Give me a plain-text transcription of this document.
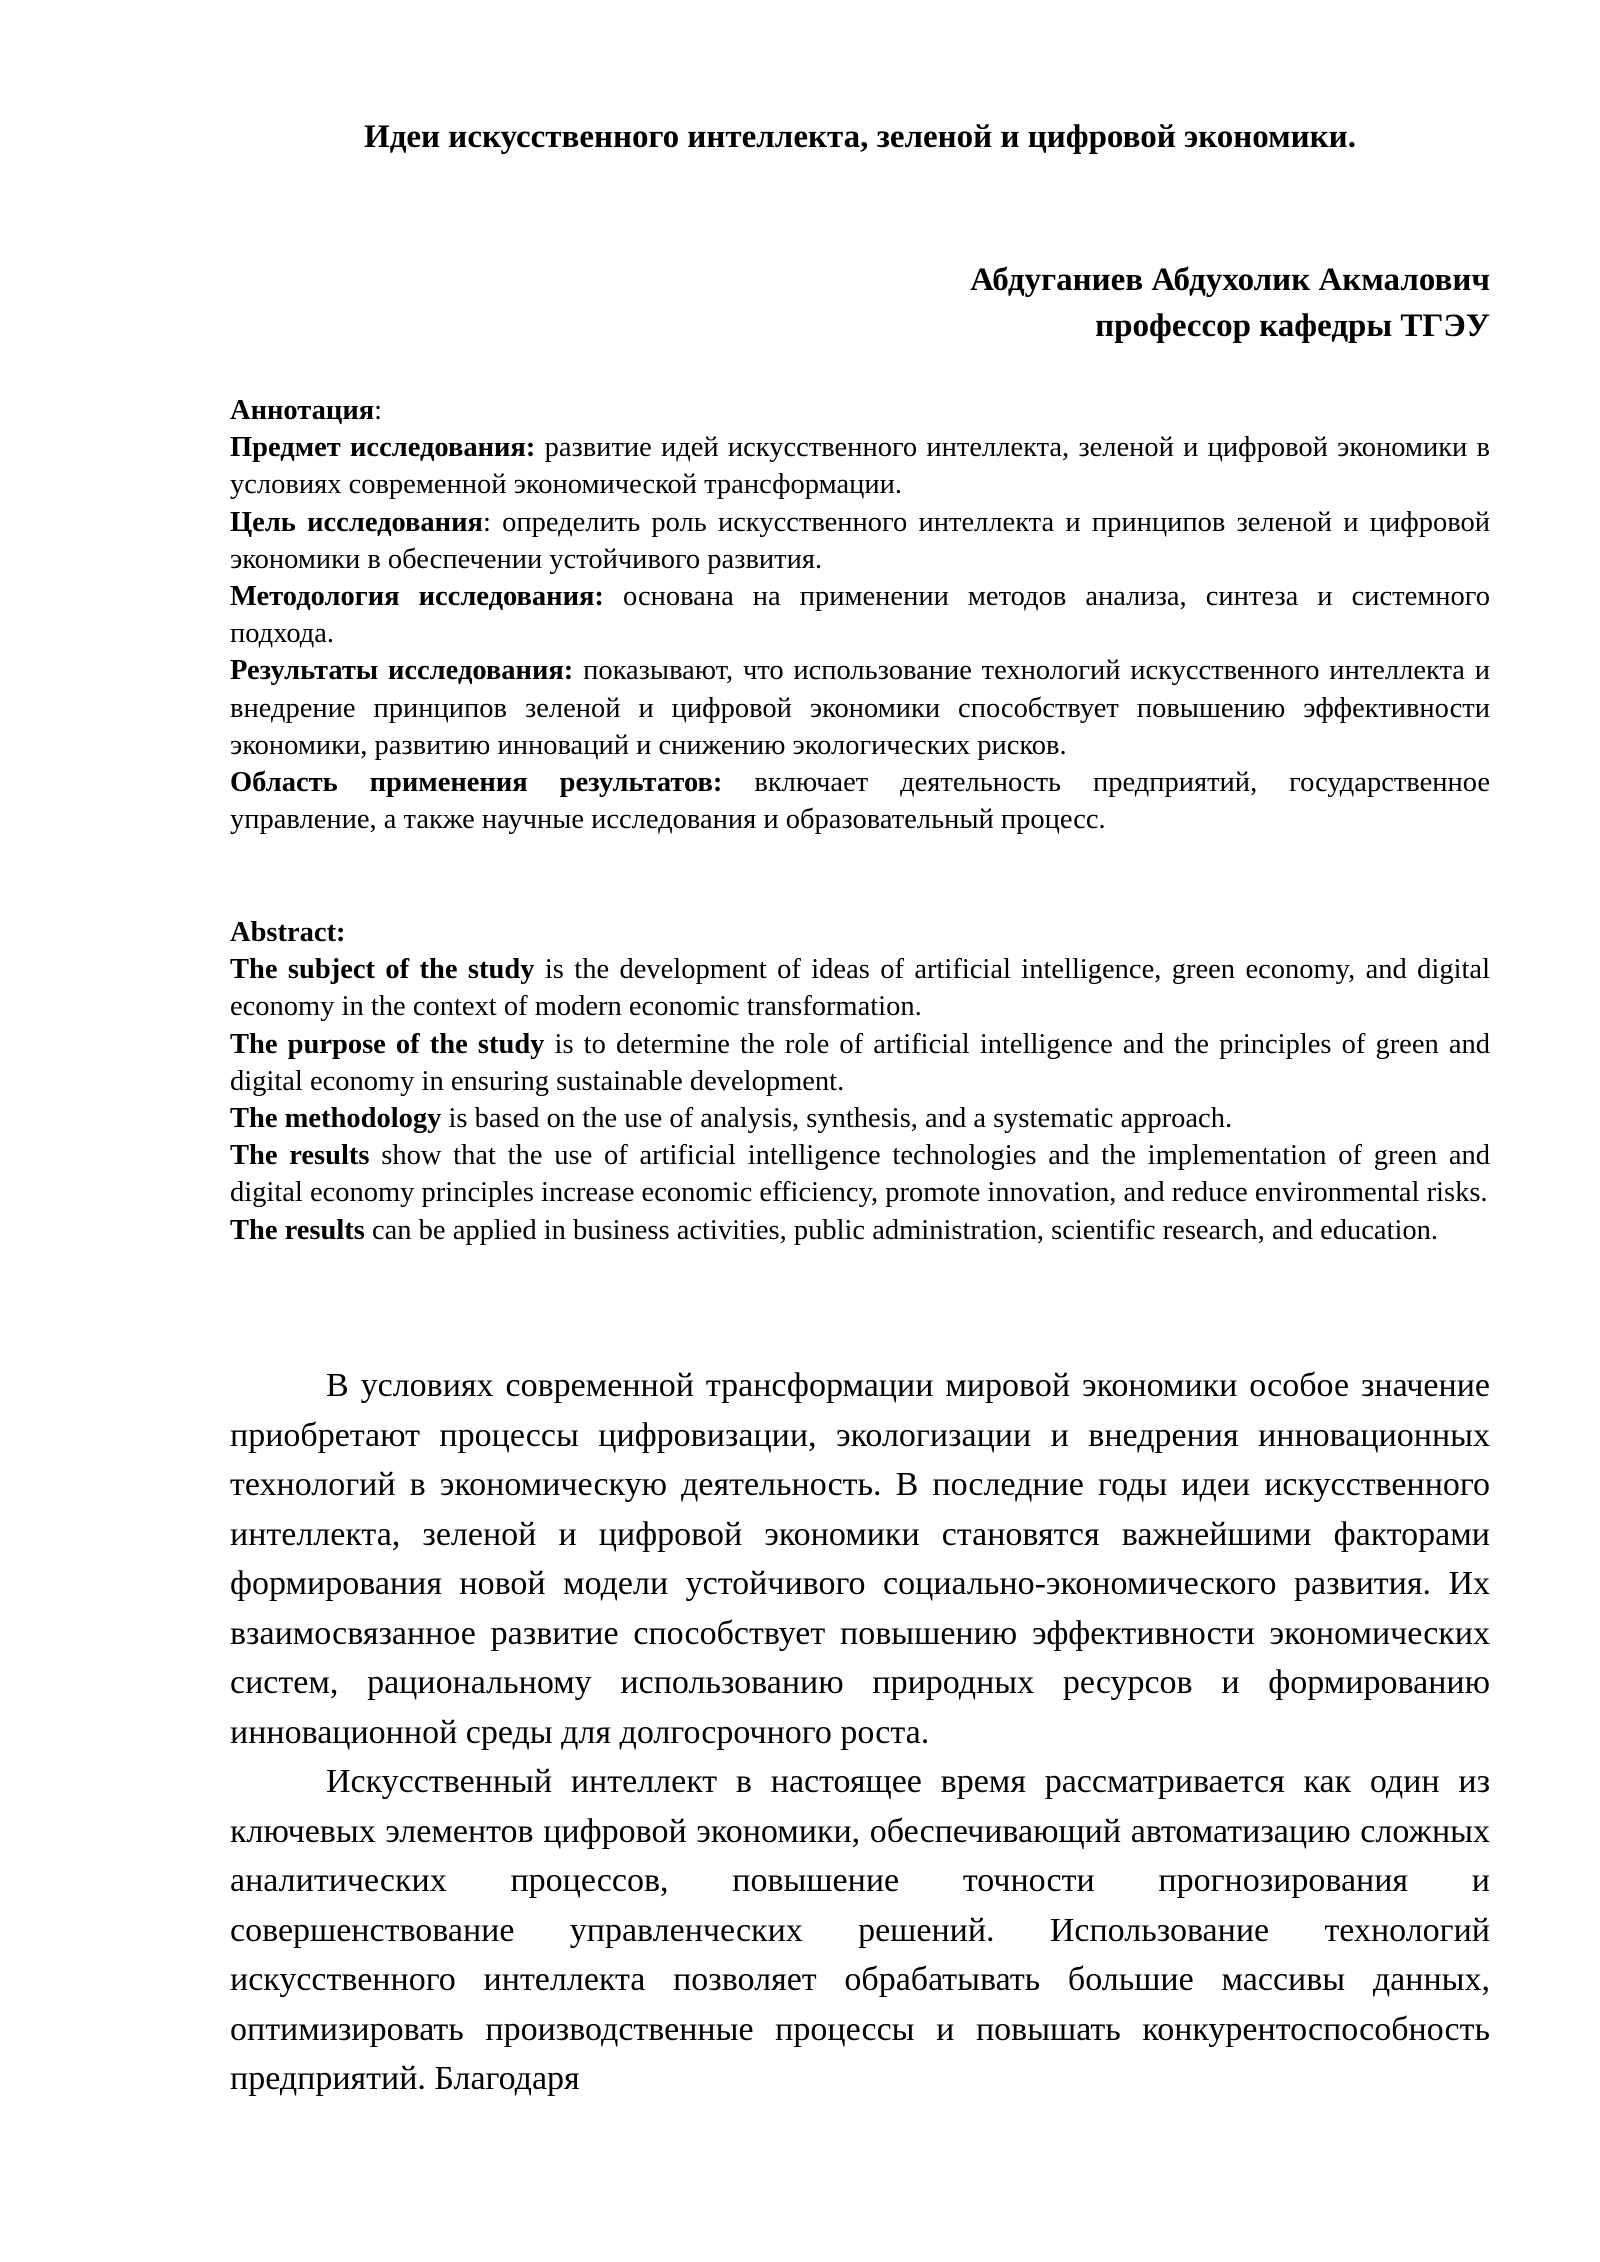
Идеи искусственного интеллекта, зеленой и цифровой экономики.
Абдуганиев Абдухолик Акмалович
профессор кафедры ТГЭУ
Аннотация:

Предмет исследования: развитие идей искусственного интеллекта, зеленой и цифровой экономики в условиях современной экономической трансформации.

Цель исследования: определить роль искусственного интеллекта и принципов зеленой и цифровой экономики в обеспечении устойчивого развития.

Методология исследования: основана на применении методов анализа, синтеза и системного подхода.

Результаты исследования: показывают, что использование технологий искусственного интеллекта и внедрение принципов зеленой и цифровой экономики способствует повышению эффективности экономики, развитию инноваций и снижению экологических рисков.

Область применения результатов: включает деятельность предприятий, государственное управление, а также научные исследования и образовательный процесс.

Abstract:

The subject of the study is the development of ideas of artificial intelligence, green economy, and digital economy in the context of modern economic transformation.

The purpose of the study is to determine the role of artificial intelligence and the principles of green and digital economy in ensuring sustainable development.

The methodology is based on the use of analysis, synthesis, and a systematic approach.

The results show that the use of artificial intelligence technologies and the implementation of green and digital economy principles increase economic efficiency, promote innovation, and reduce environmental risks.

The results can be applied in business activities, public administration, scientific research, and education.

В условиях современной трансформации мировой экономики особое значение приобретают процессы цифровизации, экологизации и внедрения инновационных технологий в экономическую деятельность. В последние годы идеи искусственного интеллекта, зеленой и цифровой экономики становятся важнейшими факторами формирования новой модели устойчивого социально-экономического развития. Их взаимосвязанное развитие способствует повышению эффективности экономических систем, рациональному использованию природных ресурсов и формированию инновационной среды для долгосрочного роста.

Искусственный интеллект в настоящее время рассматривается как один из ключевых элементов цифровой экономики, обеспечивающий автоматизацию сложных аналитических процессов, повышение точности прогнозирования и совершенствование управленческих решений. Использование технологий искусственного интеллекта позволяет обрабатывать большие массивы данных, оптимизировать производственные процессы и повышать конкурентоспособность предприятий. Благодаря
